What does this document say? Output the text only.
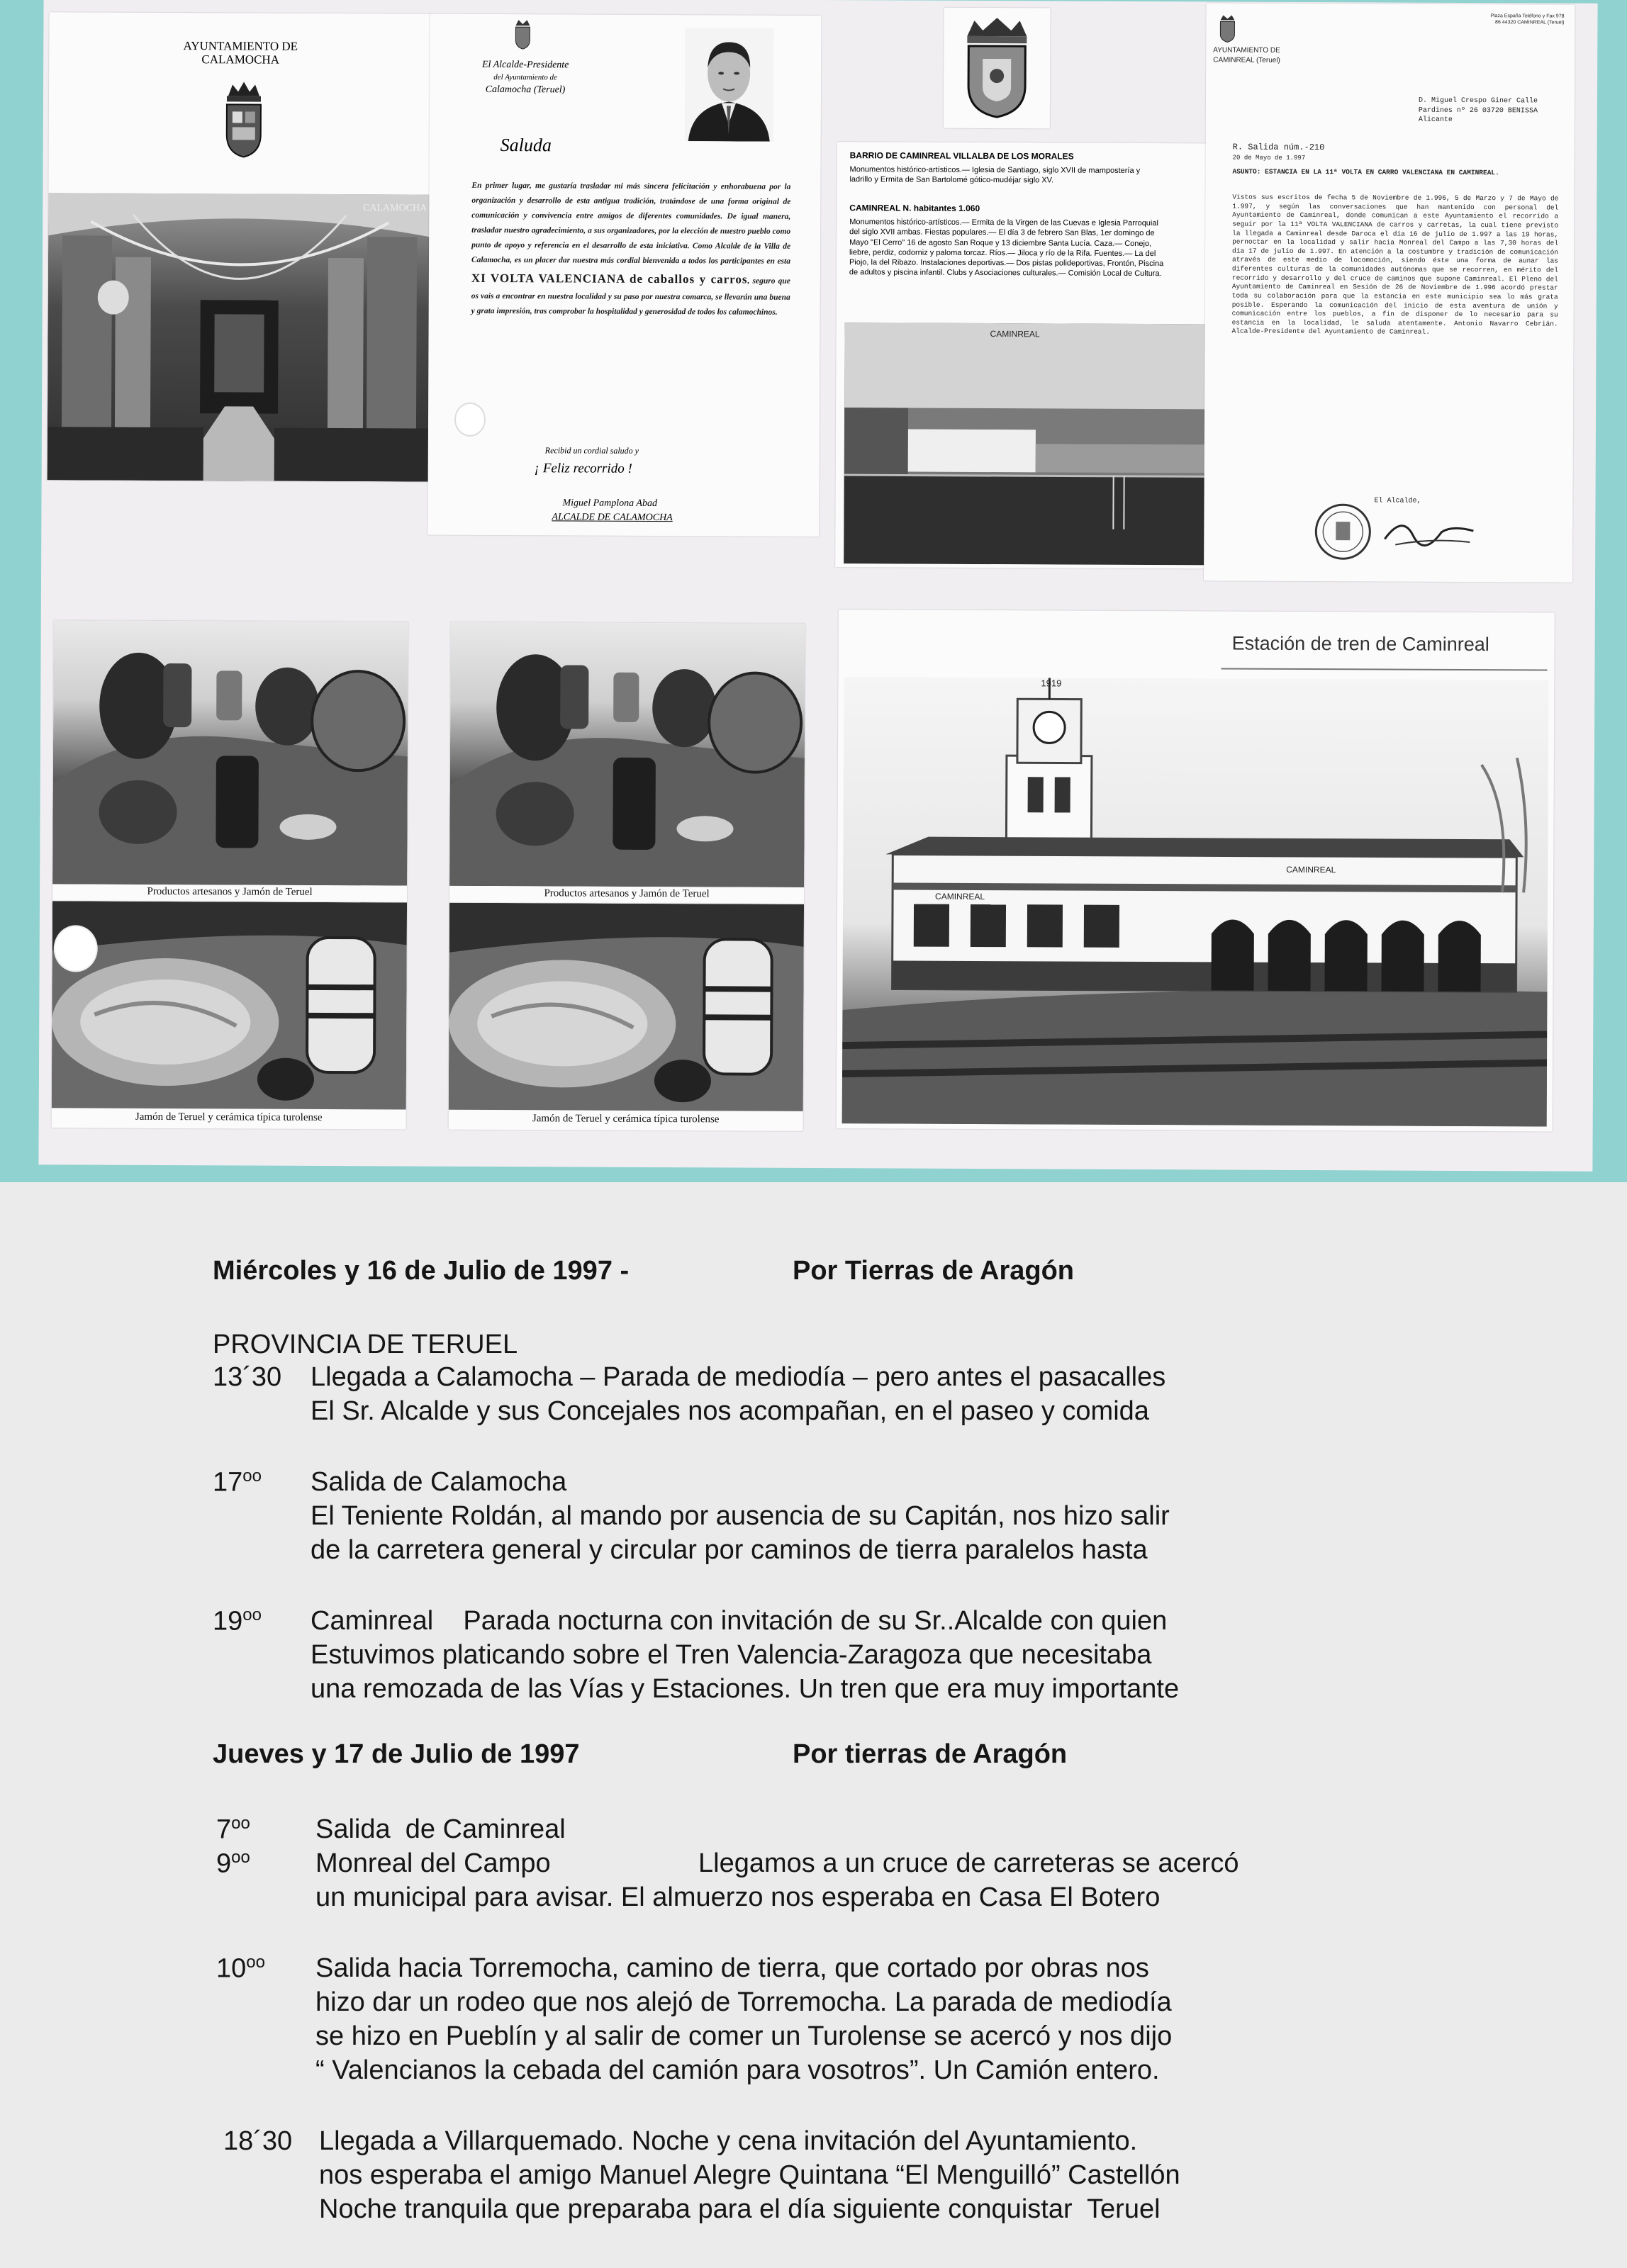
AYUNTAMIENTO DE
CALAMOCHA
CALAMOCHA
El Alcalde-Presidente
del Ayuntamiento de
Calamocha (Teruel)
Saluda
En primer lugar, me gustaría trasladar mi más sincera felicitación y enhorabuena por la organización y desarrollo de esta antigua tradición, tratándose de una forma original de comunicación y convivencia entre amigos de diferentes comunidades. De igual manera, trasladar nuestro agradecimiento, a sus organizadores, por la elección de nuestro pueblo como punto de apoyo y referencia en el desarrollo de esta iniciativa. Como Alcalde de la Villa de Calamocha, es un placer dar nuestra más cordial bienvenida a todos los participantes en esta XI VOLTA VALENCIANA de caballos y carros, seguro que os vais a encontrar en nuestra localidad y su paso por nuestra comarca, se llevarán una buena y grata impresión, tras comprobar la hospitalidad y generosidad de todos los calamochinos.
Recibid un cordial saludo y
¡ Feliz recorrido !
Miguel Pamplona Abad
ALCALDE DE CALAMOCHA
BARRIO DE CAMINREAL VILLALBA DE LOS MORALES
Monumentos histórico-artísticos.— Iglesia de Santiago, siglo XVII de mampostería y ladrillo y Ermita de San Bartolomé gótico-mudéjar siglo XV.
CAMINREAL N. habitantes 1.060
Monumentos histórico-artísticos.— Ermita de la Virgen de las Cuevas e Iglesia Parroquial del siglo XVII ambas. Fiestas populares.— El día 3 de febrero San Blas, 1er domingo de Mayo "El Cerro" 16 de agosto San Roque y 13 diciembre Santa Lucía. Caza.— Conejo, liebre, perdiz, codorniz y paloma torcaz. Ríos.— Jiloca y río de la Rifa. Fuentes.— La del Piojo, la del Ribazo. Instalaciones deportivas.— Dos pistas polideportivas, Frontón, Piscina de adultos y piscina infantil. Clubs y Asociaciones culturales.— Comisión Local de Cultura.
CAMINREAL
AYUNTAMIENTO DE CAMINREAL (Teruel)
Plaza España Teléfono y Fax 978 86 44320 CAMINREAL (Teruel)
D. Miguel Crespo Giner Calle Pardines nº 26 03720 BENISSA Alicante
R. Salida núm.-210
20 de Mayo de 1.997
ASUNTO: ESTANCIA EN LA 11ª VOLTA EN CARRO VALENCIANA EN CAMINREAL.
Vistos sus escritos de fecha 5 de Noviembre de 1.996, 5 de Marzo y 7 de Mayo de 1.997, y según las conversaciones que han mantenido con personal del Ayuntamiento de Caminreal, donde comunican a este Ayuntamiento el recorrido a seguir por la 11ª VOLTA VALENCIANA de carros y carretas, la cual tiene previsto la llegada a Caminreal desde Daroca el día 16 de julio de 1.997 a las 19 horas, pernoctar en la localidad y salir hacia Monreal del Campo a las 7,30 horas del día 17 de julio de 1.997. En atención a la costumbre y tradición de comunicación através de este medio de locomoción, siendo éste una forma de aunar las diferentes culturas de la comunidades autónomas que se recorren, en mérito del recorrido y desarrollo y del cruce de caminos que supone Caminreal. El Pleno del Ayuntamiento de Caminreal en Sesión de 26 de Noviembre de 1.996 acordó prestar toda su colaboración para que la estancia en este municipio sea lo más grata posible. Esperando la comunicación del inicio de esta aventura de unión y comunicación entre los pueblos, a fin de disponer de lo necesario para su estancia en la localidad, le saluda atentamente. Antonio Navarro Cebrián. Alcalde-Presidente del Ayuntamiento de Caminreal.
El Alcalde,
Productos artesanos y Jamón de Teruel
Jamón de Teruel y cerámica típica turolense
Productos artesanos y Jamón de Teruel
Jamón de Teruel y cerámica típica turolense
Estación de tren de Caminreal
1919
CAMINREAL
CAMINREAL
Miércoles y 16 de Julio de 1997 -	Por Tierras de Aragón
PROVINCIA DE TERUEL
13´30 Llegada a Calamocha – Parada de mediodía – pero antes el pasacalles
El Sr. Alcalde y sus Concejales nos acompañan, en el paseo y comida
$17^{oo}$ Salida de Calamocha
El Teniente Roldán, al mando por ausencia de su Capitán, nos hizo salir
de la carretera general y circular por caminos de tierra paralelos hasta
$19^{oo}$ Caminreal    Parada nocturna con invitación de su Sr..Alcalde con quien
Estuvimos platicando sobre el Tren Valencia-Zaragoza que necesitaba
una remozada de las Vías y Estaciones. Un tren que era muy importante
Jueves y 17 de Julio de 1997	Por tierras de Aragón
$7^{oo}$ Salida  de Caminreal
$9^{oo}$ Monreal del Campo	Llegamos a un cruce de carreteras se acercó
un municipal para avisar. El almuerzo nos esperaba en Casa El Botero
$10^{oo}$ Salida hacia Torremocha, camino de tierra, que cortado por obras nos
hizo dar un rodeo que nos alejó de Torremocha. La parada de mediodía
se hizo en Pueblín y al salir de comer un Turolense se acercó y nos dijo
“ Valencianos la cebada del camión para vosotros”. Un Camión entero.
18´30 Llegada a Villarquemado. Noche y cena invitación del Ayuntamiento.
nos esperaba el amigo Manuel Alegre Quintana “El Menguilló” Castellón
Noche tranquila que preparaba para el día siguiente conquistar  Teruel
